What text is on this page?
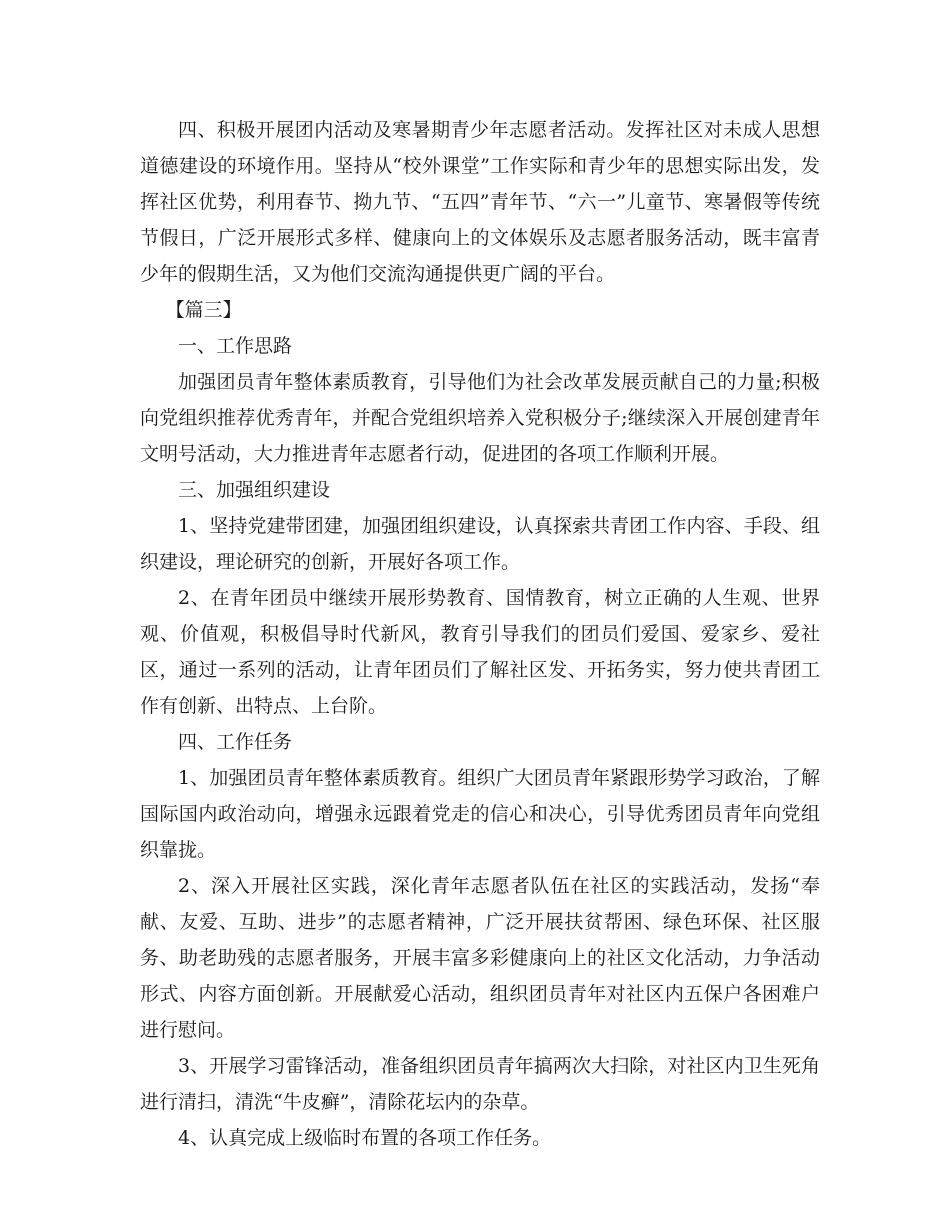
四、积极开展团内活动及寒暑期青少年志愿者活动。发挥社区对未成人思想道德建设的环境作用。坚持从“校外课堂”工作实际和青少年的思想实际出发，发挥社区优势，利用春节、拗九节、“五四”青年节、“六一”儿童节、寒暑假等传统节假日，广泛开展形式多样、健康向上的文体娱乐及志愿者服务活动，既丰富青少年的假期生活，又为他们交流沟通提供更广阔的平台。

【篇三】

一、工作思路

加强团员青年整体素质教育，引导他们为社会改革发展贡献自己的力量;积极向党组织推荐优秀青年，并配合党组织培养入党积极分子;继续深入开展创建青年文明号活动，大力推进青年志愿者行动，促进团的各项工作顺利开展。

三、加强组织建设

1、坚持党建带团建，加强团组织建设，认真探索共青团工作内容、手段、组织建设，理论研究的创新，开展好各项工作。

2、在青年团员中继续开展形势教育、国情教育，树立正确的人生观、世界观、价值观，积极倡导时代新风，教育引导我们的团员们爱国、爱家乡、爱社区，通过一系列的活动，让青年团员们了解社区发、开拓务实，努力使共青团工作有创新、出特点、上台阶。

四、工作任务

1、加强团员青年整体素质教育。组织广大团员青年紧跟形势学习政治，了解国际国内政治动向，增强永远跟着党走的信心和决心，引导优秀团员青年向党组织靠拢。

2、深入开展社区实践，深化青年志愿者队伍在社区的实践活动，发扬“奉献、友爱、互助、进步”的志愿者精神，广泛开展扶贫帮困、绿色环保、社区服务、助老助残的志愿者服务，开展丰富多彩健康向上的社区文化活动，力争活动形式、内容方面创新。开展献爱心活动，组织团员青年对社区内五保户各困难户进行慰问。

3、开展学习雷锋活动，准备组织团员青年搞两次大扫除，对社区内卫生死角进行清扫，清洗“牛皮癣”，清除花坛内的杂草。

4、认真完成上级临时布置的各项工作任务。
